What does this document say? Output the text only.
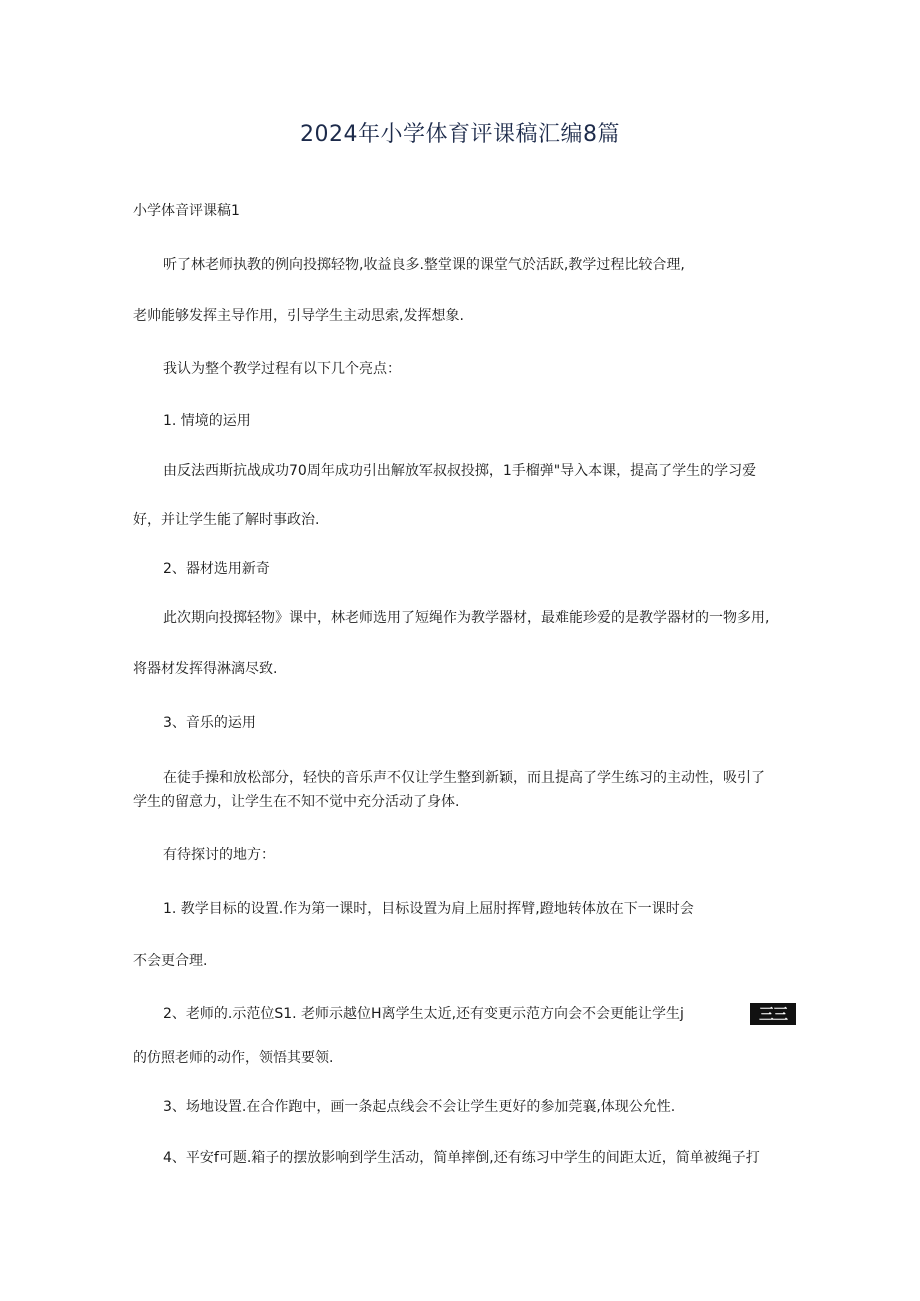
2024年小学体育评课稿汇编8篇
小学体音评课稿1
听了林老师执教的例向投掷轻物,收益良多.整堂课的课堂气於活跃,教学过程比较合理,
老帅能够发挥主导作用，引导学生主动思索,发挥想象.
我认为整个教学过程有以下几个亮点：
1. 情境的运用
由反法西斯抗战成功70周年成功引出解放军叔叔投掷，1手榴弹"导入本课，提高了学生的学习爱
好，并让学生能了解时事政治.
2、器材选用新奇
此次期向投掷轻物》课中，林老师选用了短绳作为教学器材，最难能珍爱的是教学器材的一物多用,
将器材发挥得淋漓尽致.
3、音乐的运用
在徒手操和放松部分，轻快的音乐声不仅让学生整到新颖，而且提高了学生练习的主动性，吸引了
学生的留意力，让学生在不知不觉中充分活动了身体.
有待探讨的地方：
1. 教学目标的设置.作为第一课时，目标设置为肩上屈肘挥臂,蹬地转体放在下一课时会
不会更合理.
2、老师的.示范位S1. 老师示越位H离学生太近,还有变更示范方向会不会更能让学生j	三三
的仿照老师的动作，领悟其要领.
3、场地设置.在合作跑中，画一条起点线会不会让学生更好的参加莞襄,体现公允性.
4、平安f可题.箱子的摆放影响到学生活动，简单摔倒,还有练习中学生的间距太近，简单被绳子打
